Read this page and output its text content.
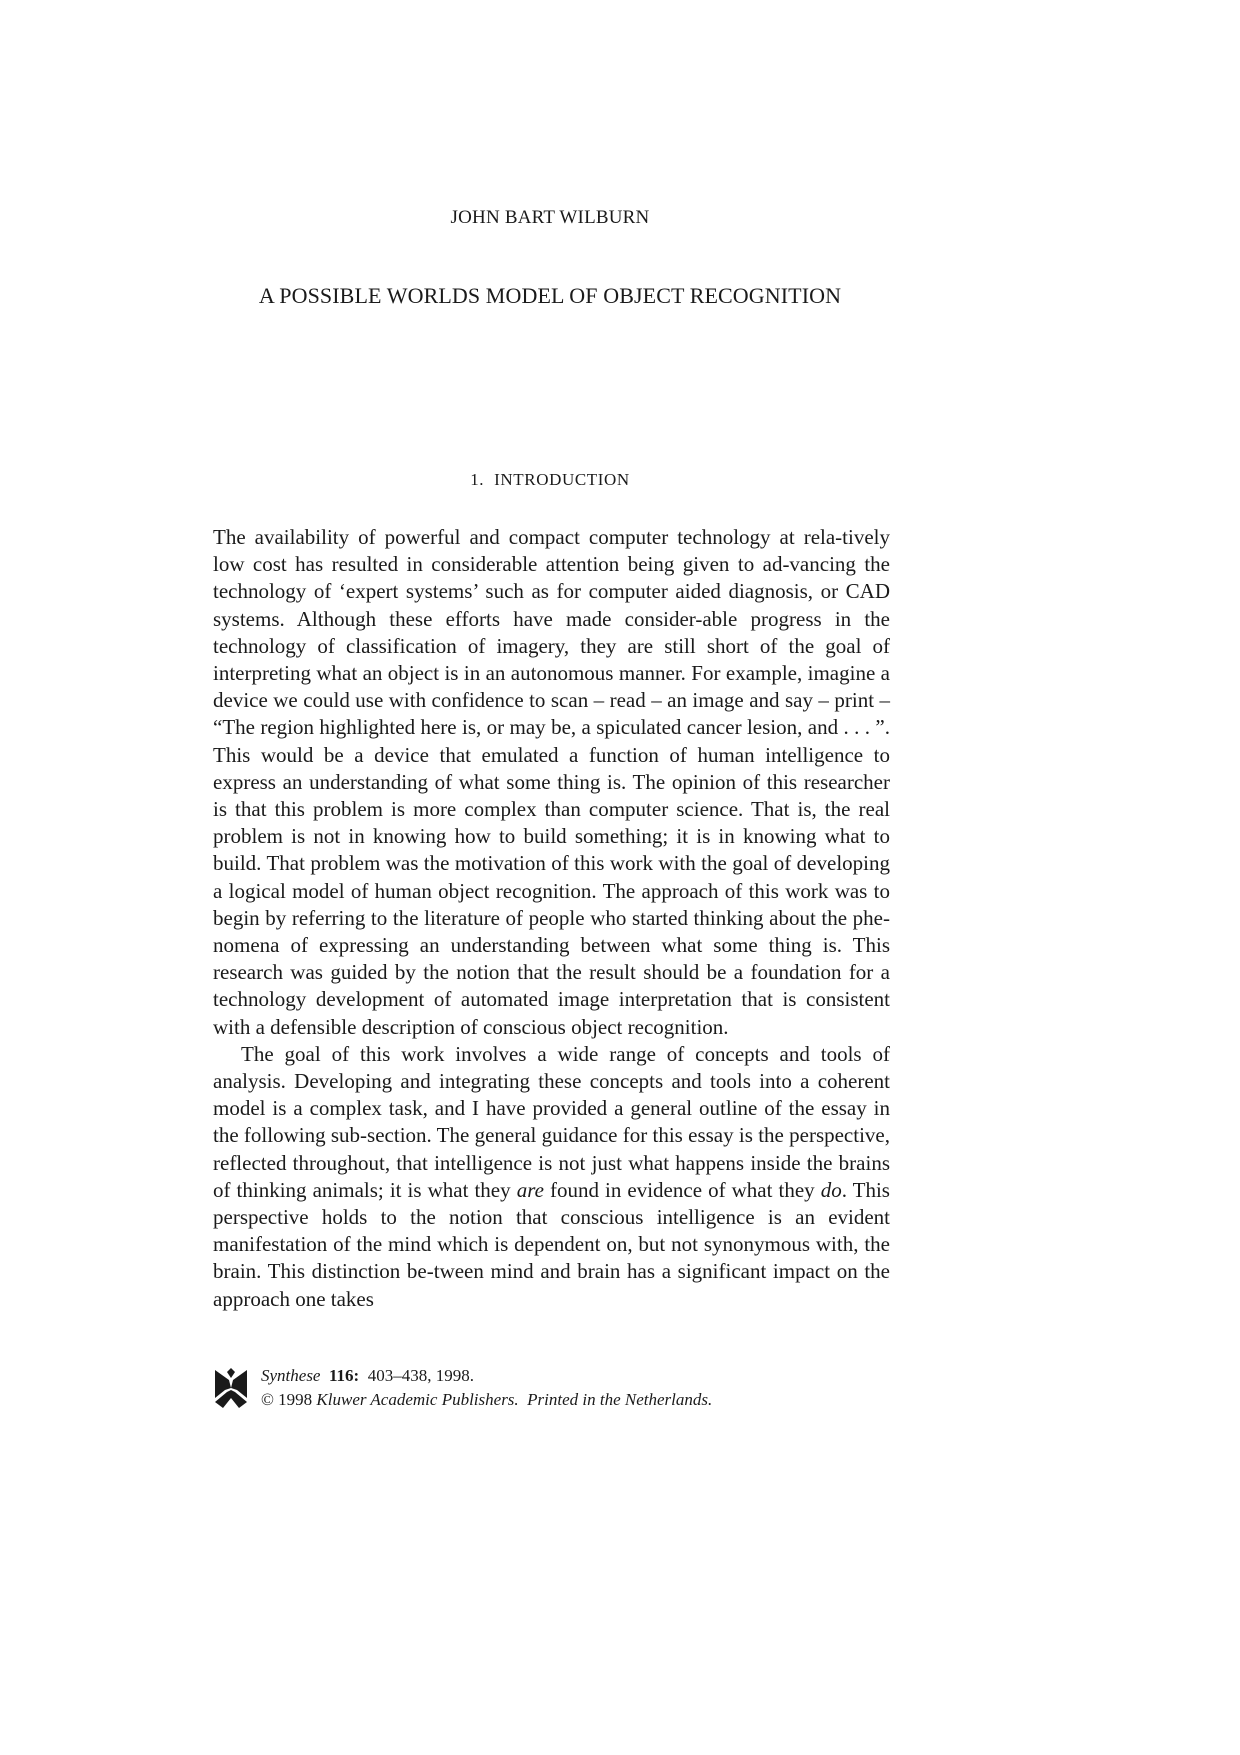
JOHN BART WILBURN
A POSSIBLE WORLDS MODEL OF OBJECT RECOGNITION
1. INTRODUCTION

The availability of powerful and compact computer technology at rela-tively low cost has resulted in considerable attention being given to ad-vancing the technology of ‘expert systems’ such as for computer aided diagnosis, or CAD systems. Although these efforts have made consider-able progress in the technology of classification of imagery, they are still short of the goal of interpreting what an object is in an autonomous manner. For example, imagine a device we could use with confidence to scan – read – an image and say – print – “The region highlighted here is, or may be, a spiculated cancer lesion, and . . . ”. This would be a device that emulated a function of human intelligence to express an understanding of what some thing is. The opinion of this researcher is that this problem is more complex than computer science. That is, the real problem is not in knowing how to build something; it is in knowing what to build. That problem was the motivation of this work with the goal of developing a logical model of human object recognition. The approach of this work was to begin by referring to the literature of people who started thinking about the phe-nomena of expressing an understanding between what some thing is. This research was guided by the notion that the result should be a foundation for a technology development of automated image interpretation that is consistent with a defensible description of conscious object recognition.

The goal of this work involves a wide range of concepts and tools of analysis. Developing and integrating these concepts and tools into a coherent model is a complex task, and I have provided a general outline of the essay in the following sub-section. The general guidance for this essay is the perspective, reflected throughout, that intelligence is not just what happens inside the brains of thinking animals; it is what they are found in evidence of what they do. This perspective holds to the notion that conscious intelligence is an evident manifestation of the mind which is dependent on, but not synonymous with, the brain. This distinction be-tween mind and brain has a significant impact on the approach one takes

Synthese 116: 403–438, 1998.
© 1998 Kluwer Academic Publishers. Printed in the Netherlands.
